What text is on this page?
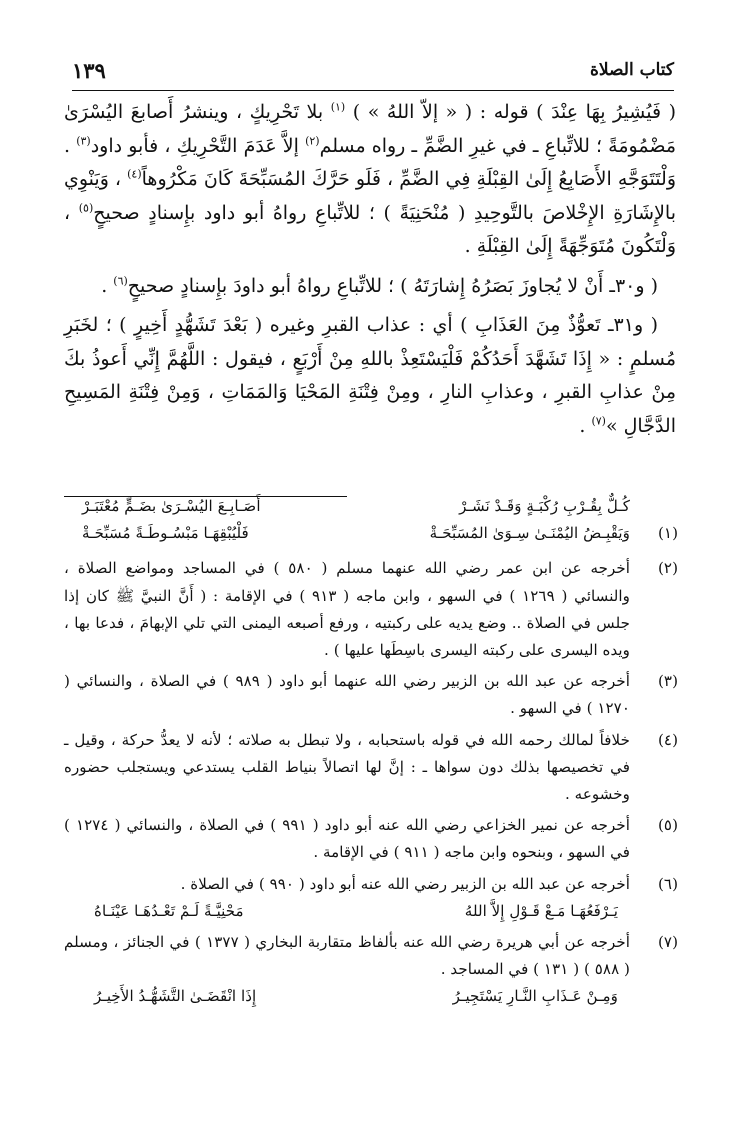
كتاب الصلاة
١٣٩

( فَيُشِيرُ بِهَا عِنْدَ ) قوله : ( « إلاّ اللهُ » ) $^{(١)}$ بلا تَحْرِيكٍ ، وينشرُ أَصابعَ اليُسْرَىٰ مَضْمُومَةً ؛ للاتِّباعِ ـ في غيرِ الضَّمِّ ـ رواه مسلم$^{(٢)}$ إلاَّ عَدَمَ التَّحْرِيكِ ، فأبو داود$^{(٣)}$ . وَلْتَتَوَجَّهِ الأَصَابِعُ إِلَىٰ القِبْلَةِ فِي الضَّمِّ ، فَلَو حَرَّكَ المُسَبِّحَةَ كَانَ مَكْرُوهاً$^{(٤)}$ ، وَيَنْوِي بالإِشَارَةِ الإِخْلاصَ بالتَّوحِيدِ ( مُنْحَنِيَةً ) ؛ للاتِّباعِ رواهُ أبو داود بإِسنادٍ صحيحٍ$^{(٥)}$ ، وَلْتَكُونَ مُتَوَجِّهَةً إِلَىٰ القِبْلَةِ .

( و٣٠ـ أَنْ لا يُجاوزَ بَصَرُهُ إِشارَتَهُ ) ؛ للاتِّباعِ رواهُ أبو داودَ بإِسنادٍ صحيحٍ$^{(٦)}$ .

( و٣١ـ تَعوُّذٌ مِنَ العَذَابِ ) أي : عذاب القبرِ وغيره ( بَعْدَ تَشَهُّدٍ أَخِيرٍ ) ؛ لخَبَرِ مُسلمٍ : « إِذَا تَشَهَّدَ أَحَدُكُمْ فَلْيَسْتَعِذْ باللهِ مِنْ أَرْبَعٍ ، فيقول : اللَّهُمَّ إِنِّي أَعوذُ بكَ مِنْ عذابِ القبرِ ، وعذابِ النارِ ، ومِنْ فِتْنَةِ المَحْيَا وَالمَمَاتِ ، وَمِنْ فِتْنَةِ المَسِيحِ الدَّجَّالِ »$^{(٧)}$ .

(١)
كُـلٌّ بِقُـرْبِ رُكْبَـةٍ وَقَـدْ نَشَـرْ
أَصَـابِـعَ اليُسْـرَىٰ بضَـمٍّ مُعْتَبَـرْ
وَيَقْبِـضُ اليُمْنَـىٰ سِـوَىٰ المُسَبِّحَـةْ
فَلْيُبْقِهَـا مَبْسُـوطَـةً مُسَبِّحَـةْ
(٢)
أخرجه عن ابن عمر رضي الله عنهما مسلم ( ٥٨٠ ) في المساجد ومواضع الصلاة ، والنسائي ( ١٢٦٩ ) في السهو ، وابن ماجه ( ٩١٣ ) في الإقامة : ( أَنَّ النبيَّ ﷺ كان إذا جلس في الصلاة .. وضع يديه على ركبتيه ، ورفع أصبعه اليمنى التي تلي الإبهامَ ، فدعا بها ، ويده اليسرى على ركبته اليسرى باسِطَها عليها ) .
(٣)
أخرجه عن عبد الله بن الزبير رضي الله عنهما أبو داود ( ٩٨٩ ) في الصلاة ، والنسائي ( ١٢٧٠ ) في السهو .
(٤)
خلافاً لمالك رحمه الله في قوله باستحبابه ، ولا تبطل به صلاته ؛ لأنه لا يعدُّ حركة ، وقيل ـ في تخصيصها بذلك دون سواها ـ : إنَّ لها اتصالاً بنياط القلب يستدعي ويستجلب حضوره وخشوعه .
(٥)
أخرجه عن نمير الخزاعي رضي الله عنه أبو داود ( ٩٩١ ) في الصلاة ، والنسائي ( ١٢٧٤ ) في السهو ، وبنحوه وابن ماجه ( ٩١١ ) في الإقامة .
(٦)
أخرجه عن عبد الله بن الزبير رضي الله عنه أبو داود ( ٩٩٠ ) في الصلاة .
يَـرْفَعُهَـا مَـعْ قَـوْلِ إِلاَّ اللهُ
مَحْنِيَّـةً لَـمْ تَعْـدُهَـا عَيْنَـاهُ
(٧)
أخرجه عن أبي هريرة رضي الله عنه بألفاظ متقاربة البخاري ( ١٣٧٧ ) في الجنائز ، ومسلم ( ٥٨٨ ) ( ١٣١ ) في المساجد .
وَمِـنْ عَـذَابِ النَّـارِ يَسْتَجِيـرُ
إِذَا انْقَضَـىٰ التَّشَهُّـدُ الأَخِيـرُ
